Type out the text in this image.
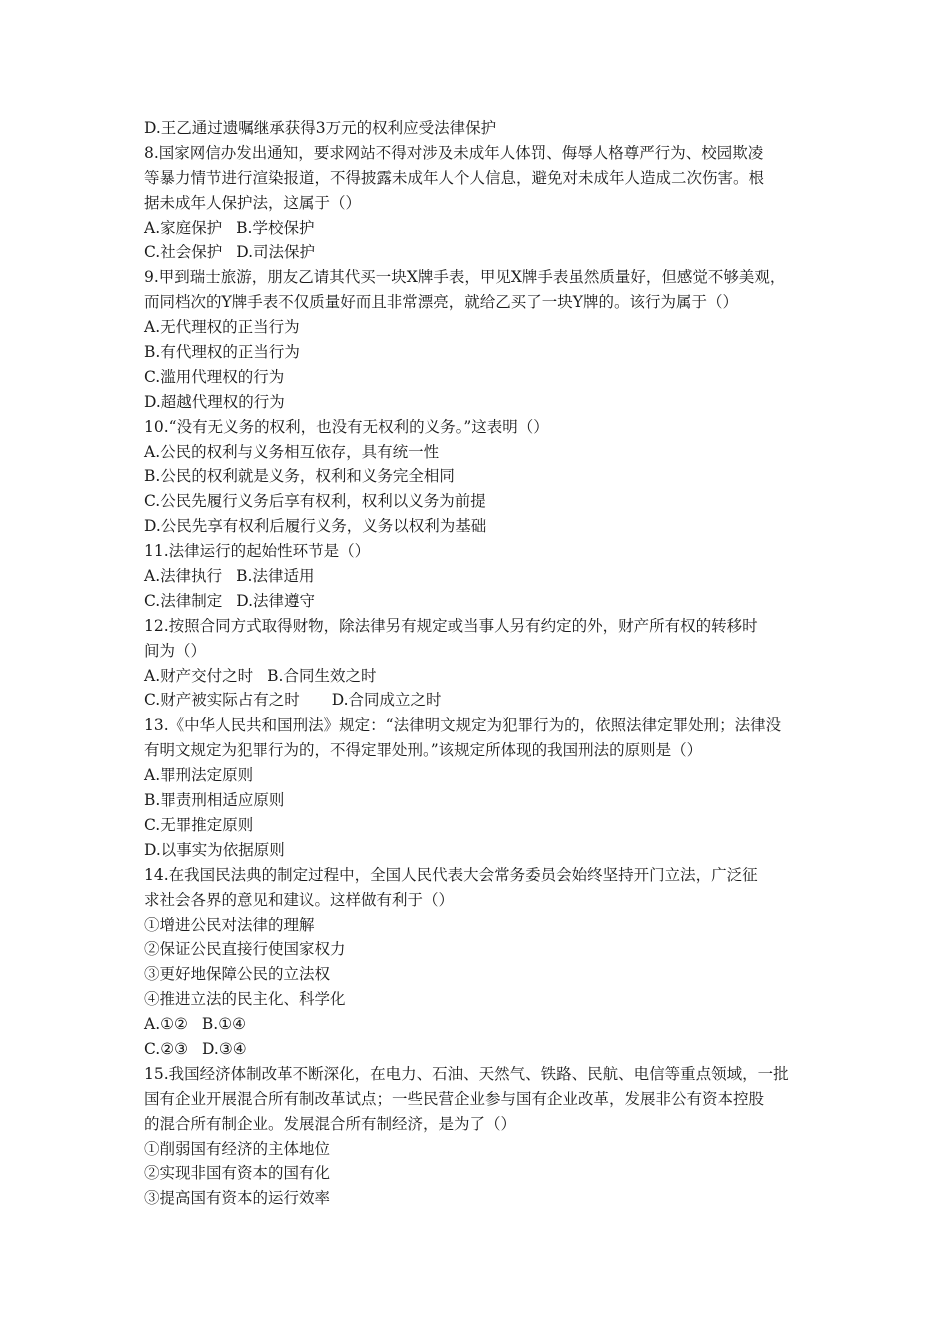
D.王乙通过遗嘱继承获得3万元的权利应受法律保护
8.国家网信办发出通知，要求网站不得对涉及未成年人体罚、侮辱人格尊严行为、校园欺凌
等暴力情节进行渲染报道，不得披露未成年人个人信息，避免对未成年人造成二次伤害。根
据未成年人保护法，这属于（）
A.家庭保护 B.学校保护
C.社会保护 D.司法保护
9.甲到瑞士旅游，朋友乙请其代买一块X牌手表，甲见X牌手表虽然质量好，但感觉不够美观，
而同档次的Y牌手表不仅质量好而且非常漂亮，就给乙买了一块Y牌的。该行为属于（）
A.无代理权的正当行为
B.有代理权的正当行为
C.滥用代理权的行为
D.超越代理权的行为
10.“没有无义务的权利，也没有无权利的义务。”这表明（）
A.公民的权利与义务相互依存，具有统一性
B.公民的权利就是义务，权利和义务完全相同
C.公民先履行义务后享有权利，权利以义务为前提
D.公民先享有权利后履行义务，义务以权利为基础
11.法律运行的起始性环节是（）
A.法律执行 B.法律适用
C.法律制定 D.法律遵守
12.按照合同方式取得财物，除法律另有规定或当事人另有约定的外，财产所有权的转移时
间为（）
A.财产交付之时 B.合同生效之时
C.财产被实际占有之时 D.合同成立之时
13.《中华人民共和国刑法》规定：“法律明文规定为犯罪行为的，依照法律定罪处刑；法律没
有明文规定为犯罪行为的，不得定罪处刑。”该规定所体现的我国刑法的原则是（）
A.罪刑法定原则
B.罪责刑相适应原则
C.无罪推定原则
D.以事实为依据原则
14.在我国民法典的制定过程中，全国人民代表大会常务委员会始终坚持开门立法，广泛征
求社会各界的意见和建议。这样做有利于（）
①增进公民对法律的理解
②保证公民直接行使国家权力
③更好地保障公民的立法权
④推进立法的民主化、科学化
A.①② B.①④
C.②③ D.③④
15.我国经济体制改革不断深化，在电力、石油、天然气、铁路、民航、电信等重点领域，一批
国有企业开展混合所有制改革试点；一些民营企业参与国有企业改革，发展非公有资本控股
的混合所有制企业。发展混合所有制经济，是为了（）
①削弱国有经济的主体地位
②实现非国有资本的国有化
③提高国有资本的运行效率
